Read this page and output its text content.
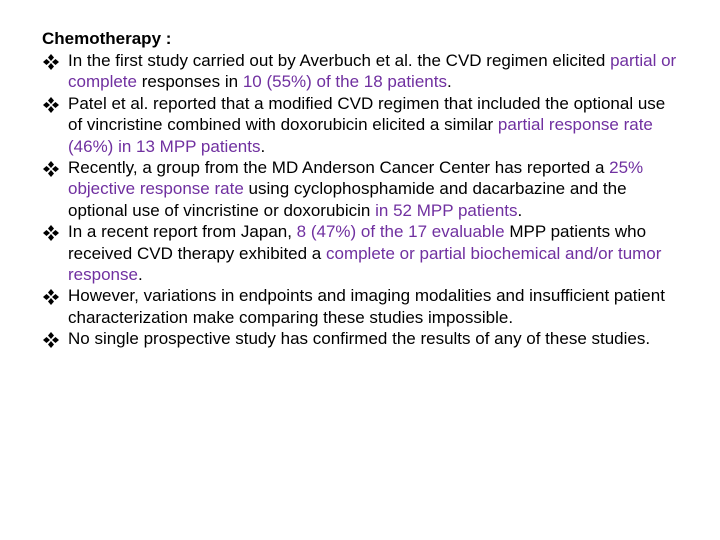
Chemotherapy :
In the first study carried out by Averbuch et al. the CVD regimen elicited partial or complete responses in 10 (55%) of the 18 patients.
Patel et al. reported that a modified CVD regimen that included the optional use of vincristine combined with doxorubicin elicited a similar partial response rate (46%) in 13 MPP patients.
Recently, a group from the MD Anderson Cancer Center has reported a 25% objective response rate using cyclophosphamide and dacarbazine and the optional use of vincristine or doxorubicin in 52 MPP patients.
In a recent report from Japan, 8 (47%) of the 17 evaluable MPP patients who received CVD therapy exhibited a complete or partial biochemical and/or tumor response.
However, variations in endpoints and imaging modalities and insufficient patient characterization make comparing these studies impossible.
No single prospective study has confirmed the results of any of these studies.
